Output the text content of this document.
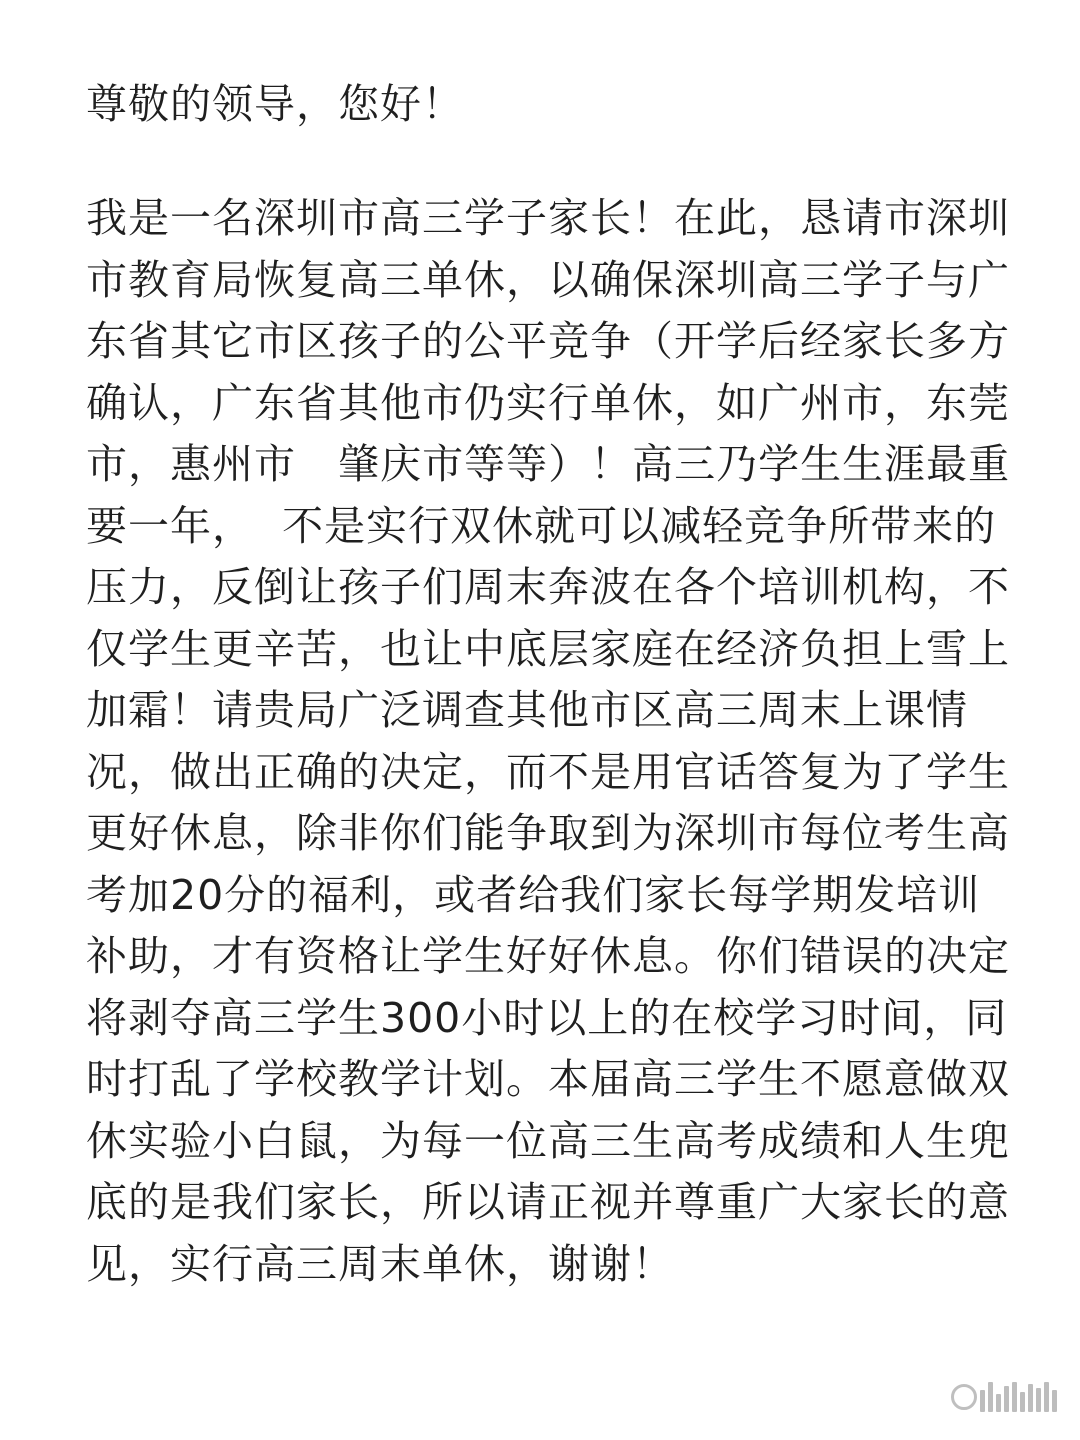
尊敬的领导，您好！

我是一名深圳市高三学子家长！在此，恳请市深圳

市教育局恢复高三单休，以确保深圳高三学子与广

东省其它市区孩子的公平竞争（开学后经家长多方

确认，广东省其他市仍实行单休，如广州市，东莞

市，惠州市   肇庆市等等）！高三乃学生生涯最重

要一年，  不是实行双休就可以减轻竞争所带来的

压力，反倒让孩子们周末奔波在各个培训机构，不

仅学生更辛苦，也让中底层家庭在经济负担上雪上

加霜！请贵局广泛调查其他市区高三周末上课情

况，做出正确的决定，而不是用官话答复为了学生

更好休息，除非你们能争取到为深圳市每位考生高

考加20分的福利，或者给我们家长每学期发培训

补助，才有资格让学生好好休息。你们错误的决定

将剥夺高三学生300小时以上的在校学习时间，同

时打乱了学校教学计划。本届高三学生不愿意做双

休实验小白鼠，为每一位高三生高考成绩和人生兜

底的是我们家长，所以请正视并尊重广大家长的意

见，实行高三周末单休，谢谢！
